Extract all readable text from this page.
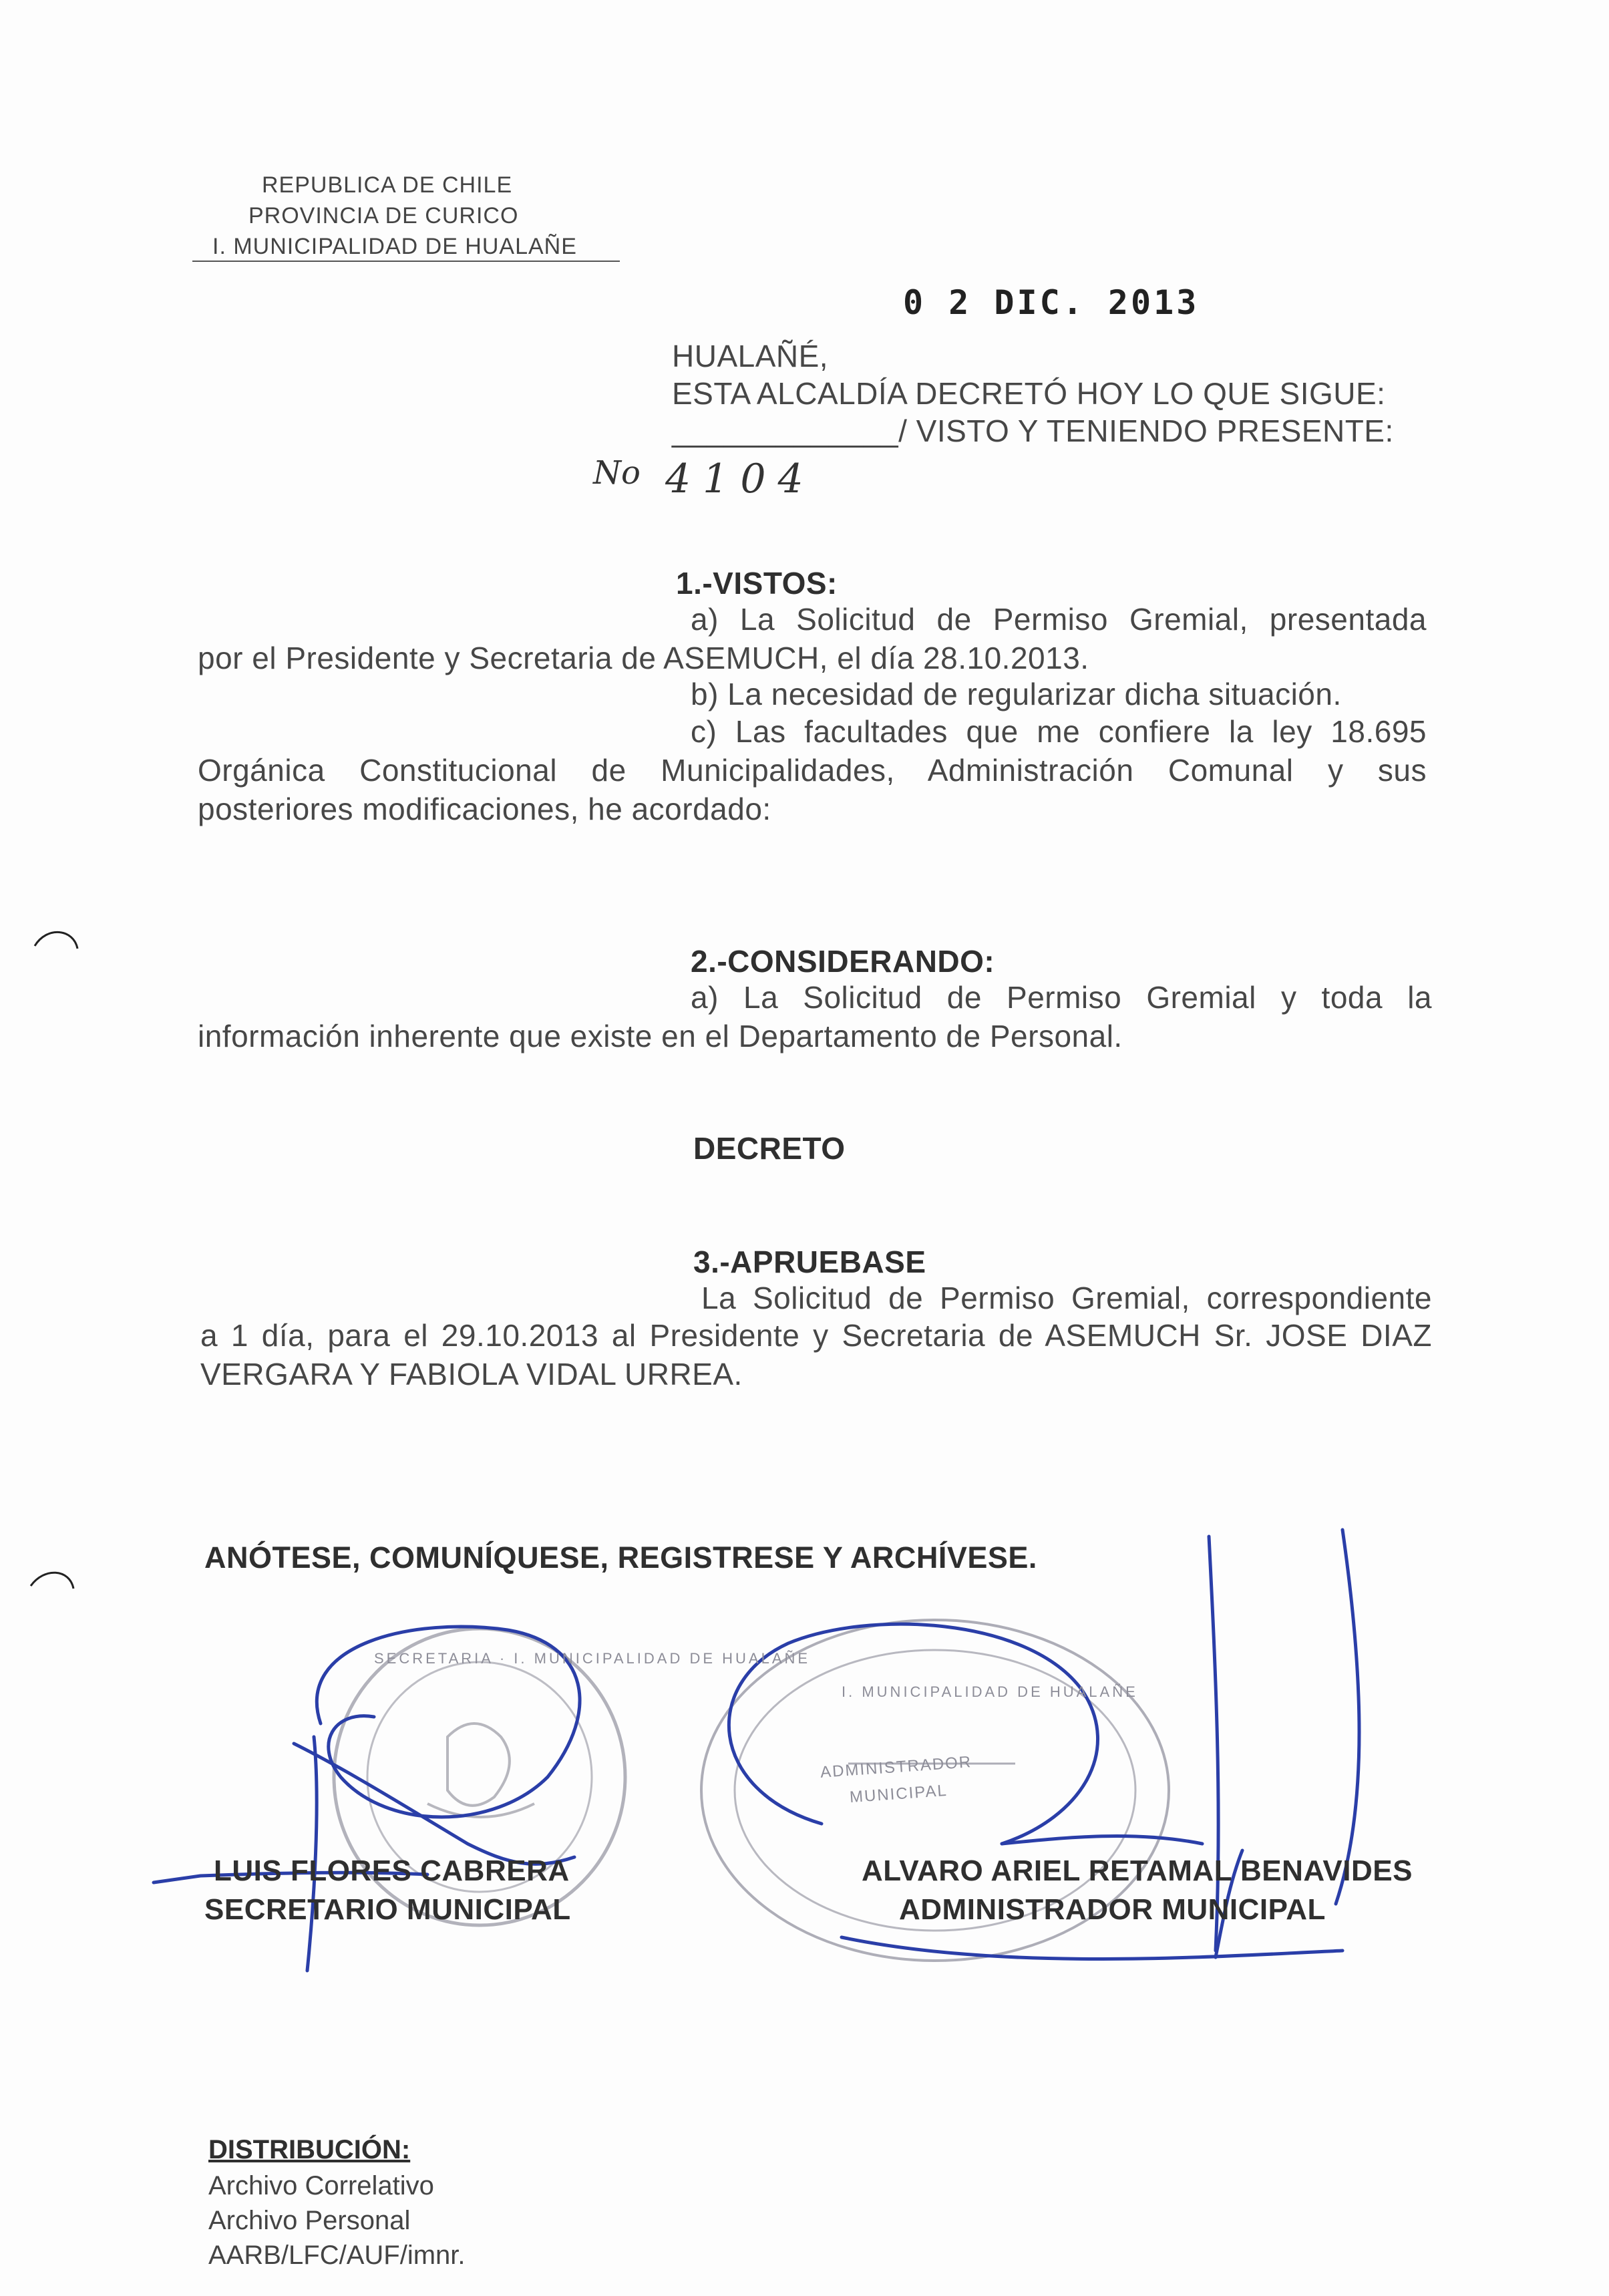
REPUBLICA DE CHILE
PROVINCIA DE CURICO
I. MUNICIPALIDAD DE HUALAÑE
0 2 DIC. 2013
HUALAÑÉ,
ESTA ALCALDÍA DECRETÓ HOY LO QUE SIGUE:
_____________/ VISTO Y TENIENDO PRESENTE:
No 4104
1.-VISTOS:
a) La Solicitud de Permiso Gremial, presentada
por el Presidente y Secretaria de ASEMUCH, el día 28.10.2013.
b) La necesidad de regularizar dicha situación.
c) Las facultades que me confiere la ley 18.695
Orgánica Constitucional de Municipalidades, Administración Comunal y sus
posteriores modificaciones, he acordado:
2.-CONSIDERANDO:
a) La Solicitud de Permiso Gremial y toda la
información inherente que existe en el Departamento de Personal.
DECRETO
3.-APRUEBASE
La Solicitud de Permiso Gremial, correspondiente
a 1 día, para el 29.10.2013 al Presidente y Secretaria de ASEMUCH Sr. JOSE DIAZ
VERGARA Y FABIOLA VIDAL URREA.
ANÓTESE, COMUNÍQUESE, REGISTRESE Y ARCHÍVESE.
ADMINISTRADOR
MUNICIPAL
I. MUNICIPALIDAD DE HUALAÑE
SECRETARIA · I. MUNICIPALIDAD DE HUALAÑE
LUIS FLORES CABRERA
SECRETARIO MUNICIPAL
ALVARO ARIEL RETAMAL BENAVIDES
ADMINISTRADOR MUNICIPAL
DISTRIBUCIÓN:
Archivo Correlativo
Archivo Personal
AARB/LFC/AUF/imnr.
